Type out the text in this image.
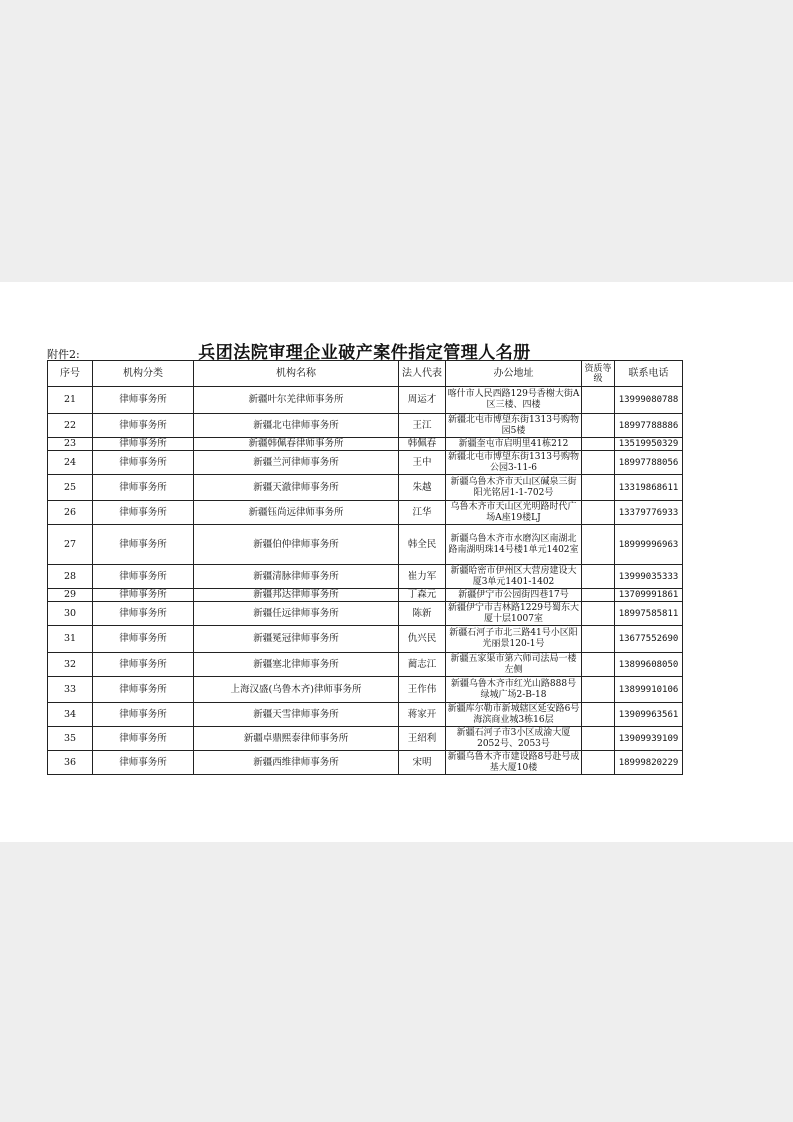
附件2:	兵团法院审理企业破产案件指定管理人名册
序号	机构分类	机构名称	法人代表	办公地址	资质等级	联系电话
21	律师事务所	新疆叶尔羌律师事务所	周运才	喀什市人民西路129号香榭大街A区三楼、四楼		13999080788
22	律师事务所	新疆北屯律师事务所	王江	新疆北屯市博望东街1313号购物园5楼		18997788886
23	律师事务所	新疆韩佩春律师事务所	韩佩春	新疆奎屯市启明里41栋212		13519950329
24	律师事务所	新疆兰河律师事务所	王中	新疆北屯市博望东街1313号购物公园3-11-6		18997788056
25	律师事务所	新疆天澈律师事务所	朱越	新疆乌鲁木齐市天山区碱泉三街阳光铭居1-1-702号		13319868611
26	律师事务所	新疆钰尚远律师事务所	江华	乌鲁木齐市天山区光明路时代广场A座19楼LJ		13379776933
27	律师事务所	新疆伯仲律师事务所	韩全民	新疆乌鲁木齐市水磨沟区南湖北路南湖明珠14号楼1单元1402室		18999996963
28	律师事务所	新疆清脉律师事务所	崔力军	新疆哈密市伊州区大营房建设大厦3单元1401-1402		13999035333
29	律师事务所	新疆邦达律师事务所	丁森元	新疆伊宁市公园街四巷17号		13709991861
30	律师事务所	新疆任远律师事务所	陈新	新疆伊宁市吉林路1229号蜀东大厦十层1007室		18997585811
31	律师事务所	新疆冕冠律师事务所	仇兴民	新疆石河子市北三路41号小区阳光丽景120-1号		13677552690
32	律师事务所	新疆塞北律师事务所	蔺志江	新疆五家渠市第六师司法局一楼左侧		13899608050
33	律师事务所	上海汉盛(乌鲁木齐)律师事务所	王作伟	新疆乌鲁木齐市红光山路888号绿城广场2-B-18		13899910106
34	律师事务所	新疆天雪律师事务所	蒋家开	新疆库尔勒市新城辖区延安路6号海滨商业城3栋16层		13909963561
35	律师事务所	新疆卓鼎熙泰律师事务所	王绍利	新疆石河子市3小区成渝大厦2052号、2053号		13909939109
36	律师事务所	新疆西维律师事务所	宋明	新疆乌鲁木齐市建设路8号赴号成基大厦10楼		18999820229
